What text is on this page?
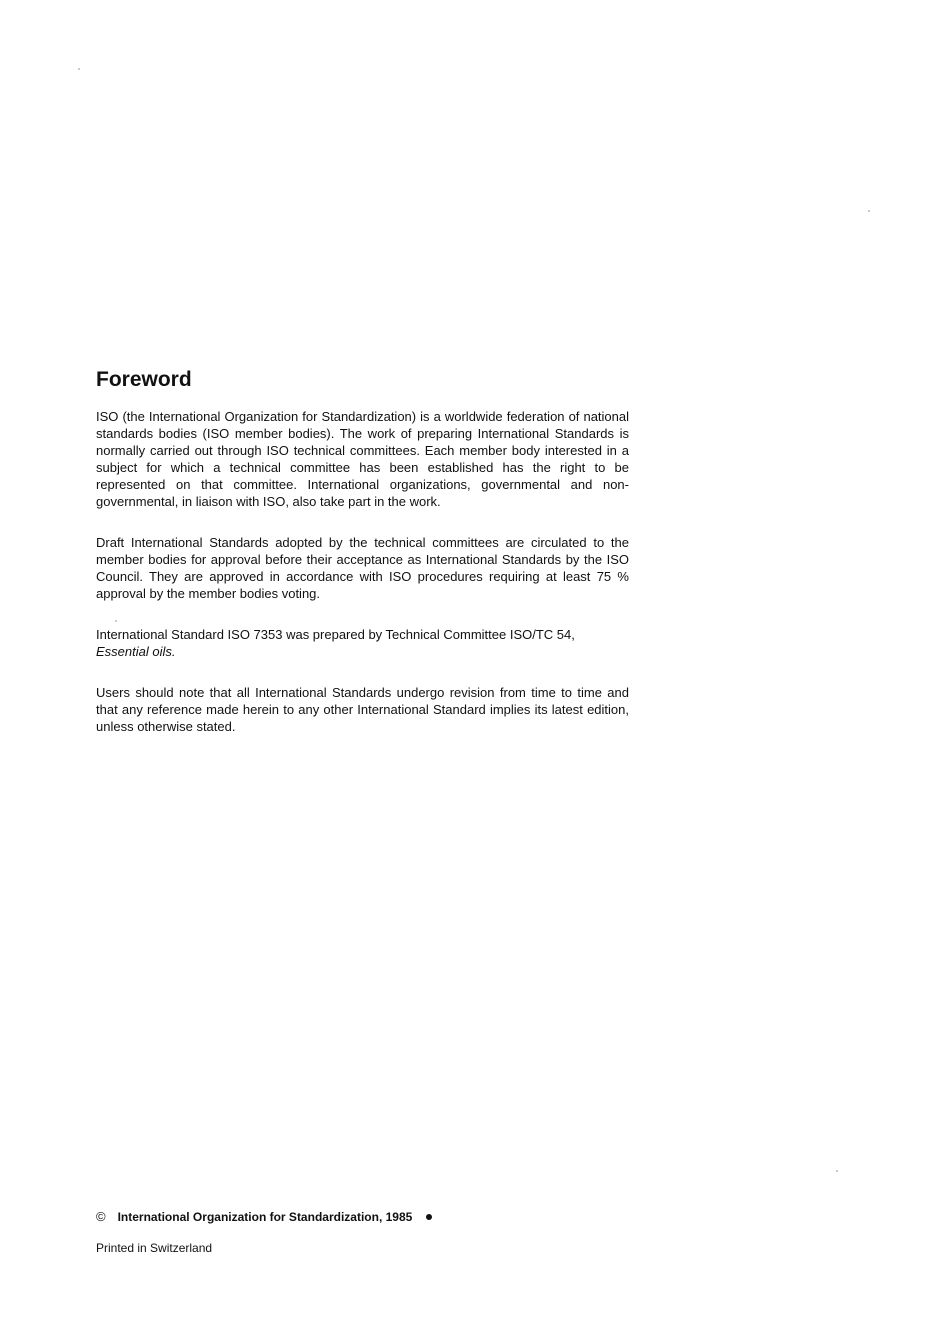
Foreword

ISO (the International Organization for Standardization) is a worldwide federation of national standards bodies (ISO member bodies). The work of preparing International Standards is normally carried out through ISO technical committees. Each member body interested in a subject for which a technical committee has been established has the right to be represented on that committee. International organizations, governmental and non-governmental, in liaison with ISO, also take part in the work.

Draft International Standards adopted by the technical committees are circulated to the member bodies for approval before their acceptance as International Standards by the ISO Council. They are approved in accordance with ISO procedures requiring at least 75 % approval by the member bodies voting.

International Standard ISO 7353 was prepared by Technical Committee ISO/TC 54,
Essential oils.

Users should note that all International Standards undergo revision from time to time and that any reference made herein to any other International Standard implies its latest edition, unless otherwise stated.

© International Organization for Standardization, 1985
Printed in Switzerland
